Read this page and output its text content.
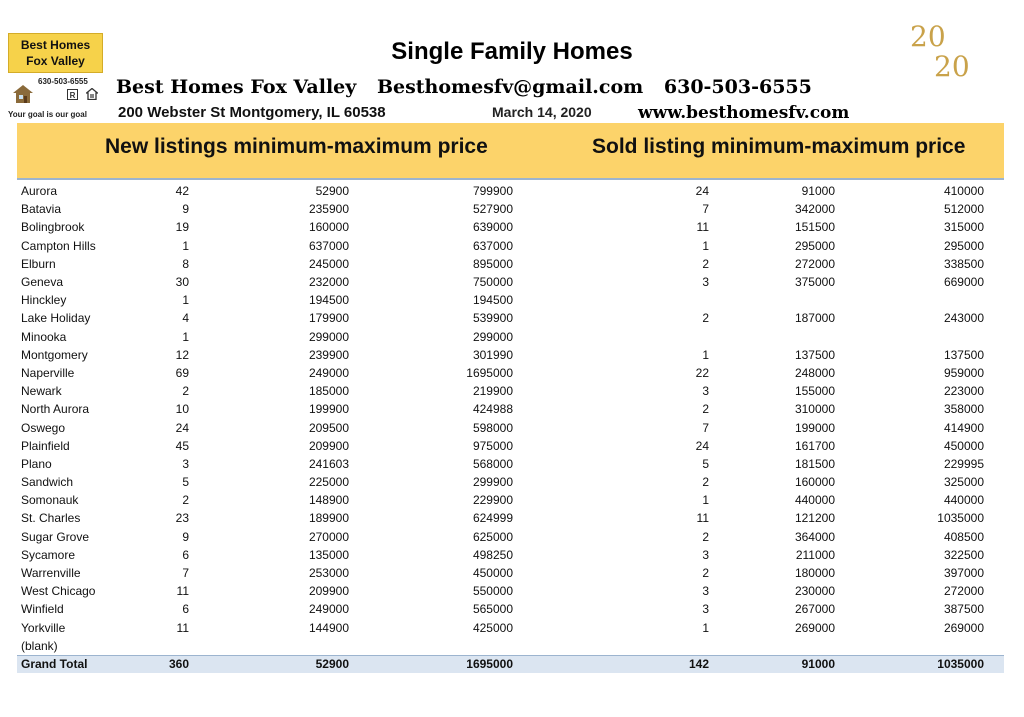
Best Homes
Fox Valley
630-503-6555
R
Your goal is our goal
Single Family Homes	20
20
Best Homes Fox Valley Besthomesfv@gmail.com 630-503-6555
200 Webster St Montgomery, IL 60538	March 14, 2020	www.besthomesfv.com
New listings minimum-maximum price	Sold listing minimum-maximum price
Aurora	42	52900	799900	24	91000	410000	
Batavia	9	235900	527900	7	342000	512000	
Bolingbrook	19	160000	639000	11	151500	315000	
Campton Hills	1	637000	637000	1	295000	295000	
Elburn	8	245000	895000	2	272000	338500	
Geneva	30	232000	750000	3	375000	669000	
Hinckley	1	194500	194500				
Lake Holiday	4	179900	539900	2	187000	243000	
Minooka	1	299000	299000				
Montgomery	12	239900	301990	1	137500	137500	
Naperville	69	249000	1695000	22	248000	959000	
Newark	2	185000	219900	3	155000	223000	
North Aurora	10	199900	424988	2	310000	358000	
Oswego	24	209500	598000	7	199000	414900	
Plainfield	45	209900	975000	24	161700	450000	
Plano	3	241603	568000	5	181500	229995	
Sandwich	5	225000	299900	2	160000	325000	
Somonauk	2	148900	229900	1	440000	440000	
St. Charles	23	189900	624999	11	121200	1035000	
Sugar Grove	9	270000	625000	2	364000	408500	
Sycamore	6	135000	498250	3	211000	322500	
Warrenville	7	253000	450000	2	180000	397000	
West Chicago	11	209900	550000	3	230000	272000	
Winfield	6	249000	565000	3	267000	387500	
Yorkville	11	144900	425000	1	269000	269000	
(blank)							
Grand Total	360	52900	1695000	142	91000	1035000	
